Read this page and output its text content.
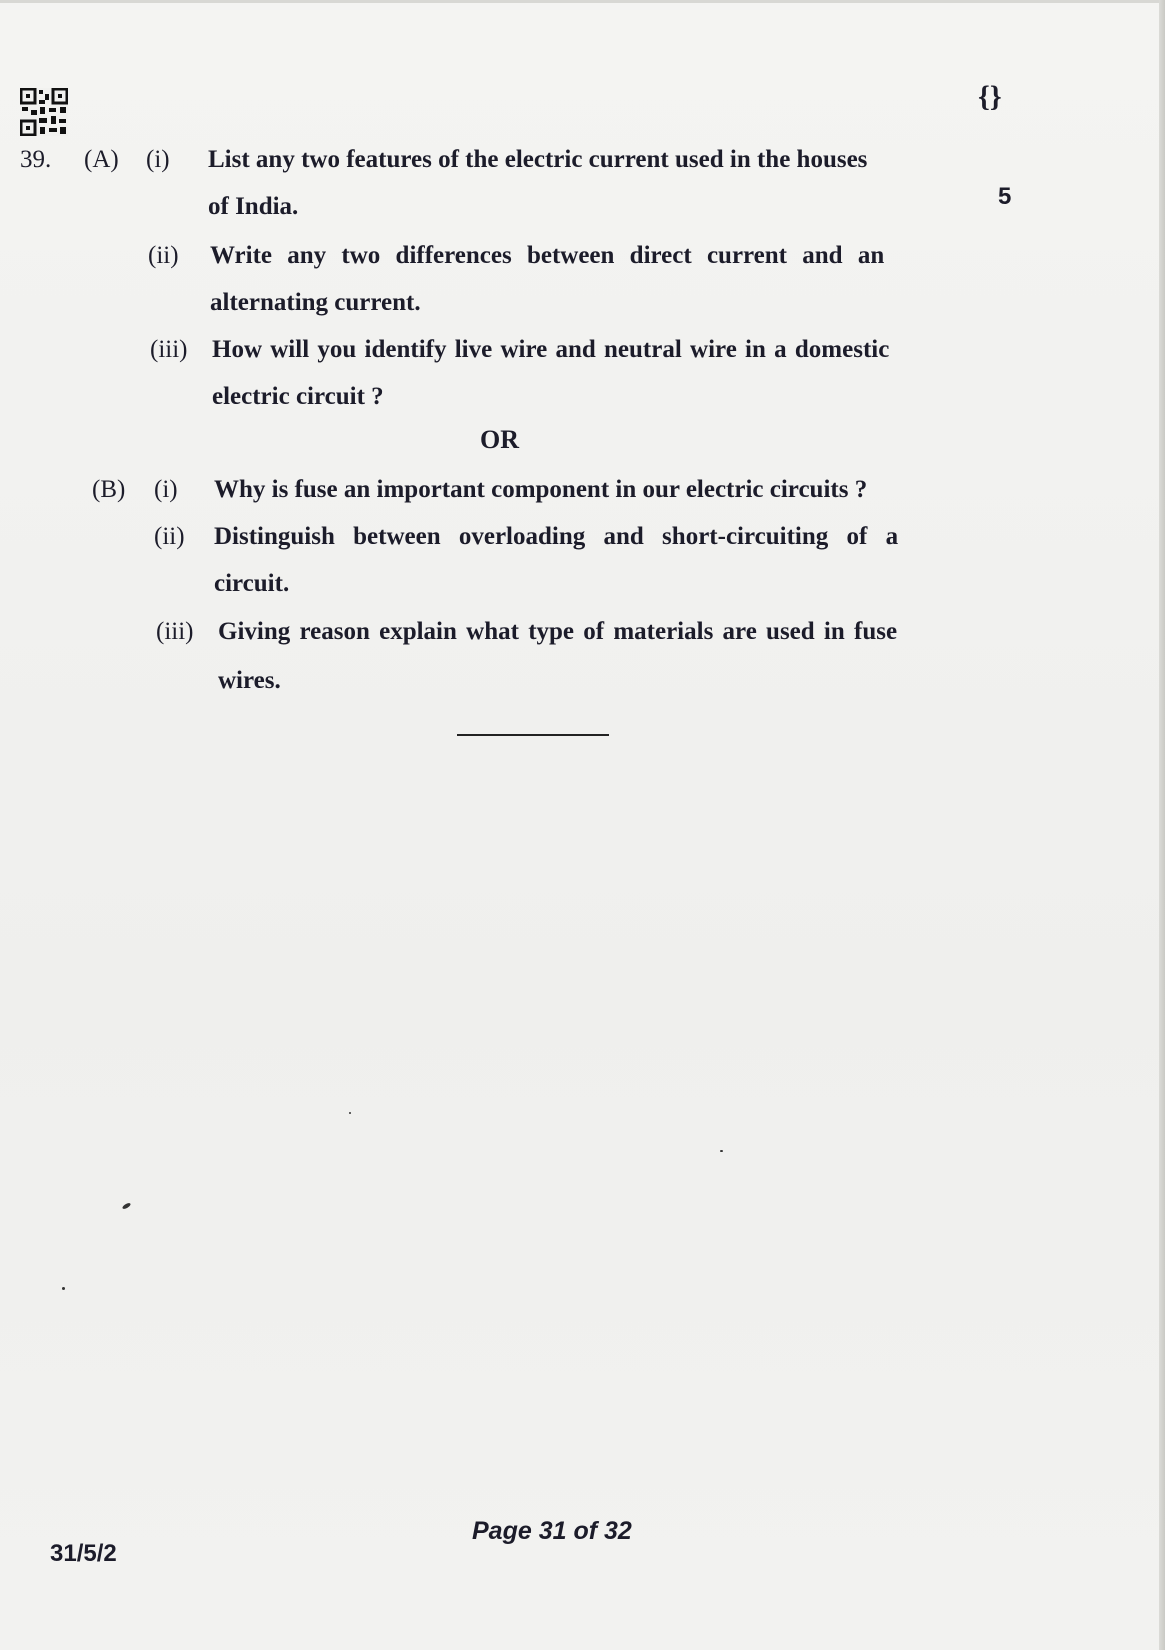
{}
5
39. (A) (i) List any two features of the electric current used in the houses
of India.
(ii) Write any two differences between direct current and an
alternating current.
(iii) How will you identify live wire and neutral wire in a domestic
electric circuit ?
OR
(B) (i) Why is fuse an important component in our electric circuits ?
(ii) Distinguish between overloading and short-circuiting of a
circuit.
(iii) Giving reason explain what type of materials are used in fuse
wires.
31/5/2
Page 31 of 32
